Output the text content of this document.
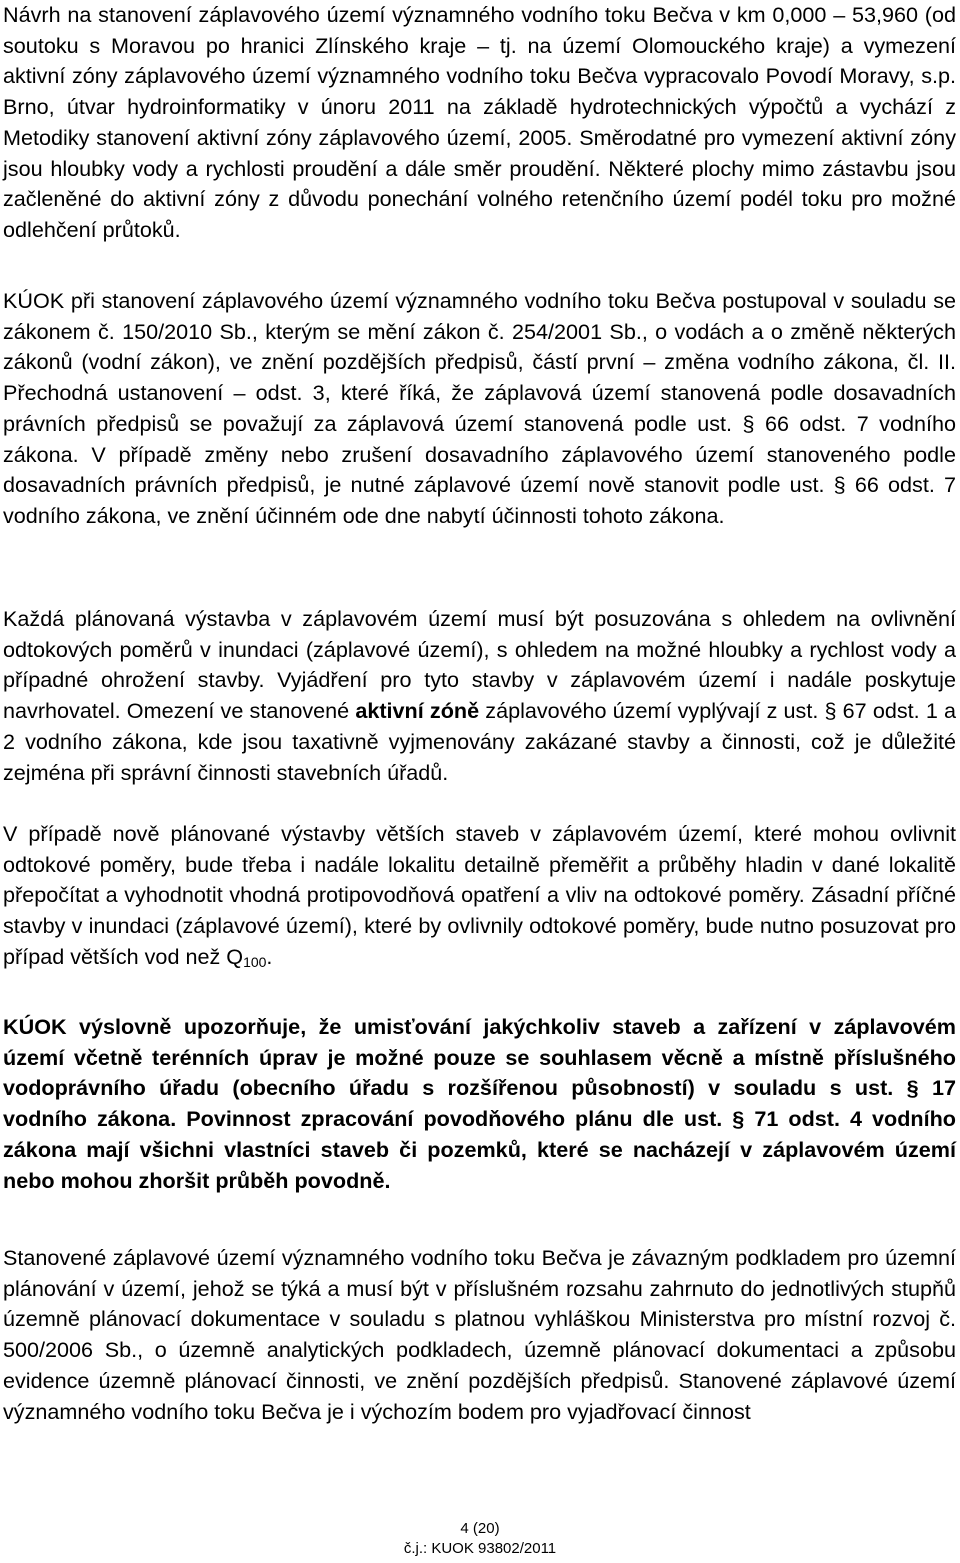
Návrh na stanovení záplavového území významného vodního toku Bečva v km 0,000 – 53,960 (od soutoku s Moravou po hranici Zlínského kraje – tj. na území Olomouckého kraje) a vymezení aktivní zóny záplavového území významného vodního toku Bečva vypracovalo Povodí Moravy, s.p. Brno, útvar hydroinformatiky v únoru 2011 na základě hydrotechnických výpočtů a vychází z Metodiky stanovení aktivní zóny záplavového území, 2005. Směrodatné pro vymezení aktivní zóny jsou hloubky vody a rychlosti proudění a dále směr proudění. Některé plochy mimo zástavbu jsou začleněné do aktivní zóny z důvodu ponechání volného retenčního území podél toku pro možné odlehčení průtoků.

KÚOK při stanovení záplavového území významného vodního toku Bečva postupoval v souladu se zákonem č. 150/2010 Sb., kterým se mění zákon č. 254/2001 Sb., o vodách a o změně některých zákonů (vodní zákon), ve znění pozdějších předpisů, částí první – změna vodního zákona, čl. II. Přechodná ustanovení – odst. 3, které říká, že záplavová území stanovená podle dosavadních právních předpisů se považují za záplavová území stanovená podle ust. § 66 odst. 7 vodního zákona. V případě změny nebo zrušení dosavadního záplavového území stanoveného podle dosavadních právních předpisů, je nutné záplavové území nově stanovit podle ust. § 66 odst. 7 vodního zákona, ve znění účinném ode dne nabytí účinnosti tohoto zákona.

Každá plánovaná výstavba v záplavovém území musí být posuzována s ohledem na ovlivnění odtokových poměrů v inundaci (záplavové území), s ohledem na možné hloubky a rychlost vody a případné ohrožení stavby. Vyjádření pro tyto stavby v záplavovém území i nadále poskytuje navrhovatel. Omezení ve stanovené aktivní zóně záplavového území vyplývají z ust. § 67 odst. 1 a 2 vodního zákona, kde jsou taxativně vyjmenovány zakázané stavby a činnosti, což je důležité zejména při správní činnosti stavebních úřadů.

V případě nově plánované výstavby větších staveb v záplavovém území, které mohou ovlivnit odtokové poměry, bude třeba i nadále lokalitu detailně přeměřit a průběhy hladin v dané lokalitě přepočítat a vyhodnotit vhodná protipovodňová opatření a vliv na odtokové poměry. Zásadní příčné stavby v inundaci (záplavové území), které by ovlivnily odtokové poměry, bude nutno posuzovat pro případ větších vod než $Q_{100}$.

KÚOK výslovně upozorňuje, že umisťování jakýchkoliv staveb a zařízení v záplavovém území včetně terénních úprav je možné pouze se souhlasem věcně a místně příslušného vodoprávního úřadu (obecního úřadu s rozšířenou působností) v souladu s ust. § 17 vodního zákona. Povinnost zpracování povodňového plánu dle ust. § 71 odst. 4 vodního zákona mají všichni vlastníci staveb či pozemků, které se nacházejí v záplavovém území nebo mohou zhoršit průběh povodně.

Stanovené záplavové území významného vodního toku Bečva je závazným podkladem pro územní plánování v území, jehož se týká a musí být v příslušném rozsahu zahrnuto do jednotlivých stupňů územně plánovací dokumentace v souladu s platnou vyhláškou Ministerstva pro místní rozvoj č. 500/2006 Sb., o územně analytických podkladech, územně plánovací dokumentaci a způsobu evidence územně plánovací činnosti, ve znění pozdějších předpisů. Stanovené záplavové území významného vodního toku Bečva je i výchozím bodem pro vyjadřovací činnost

4 (20)
č.j.: KUOK 93802/2011
